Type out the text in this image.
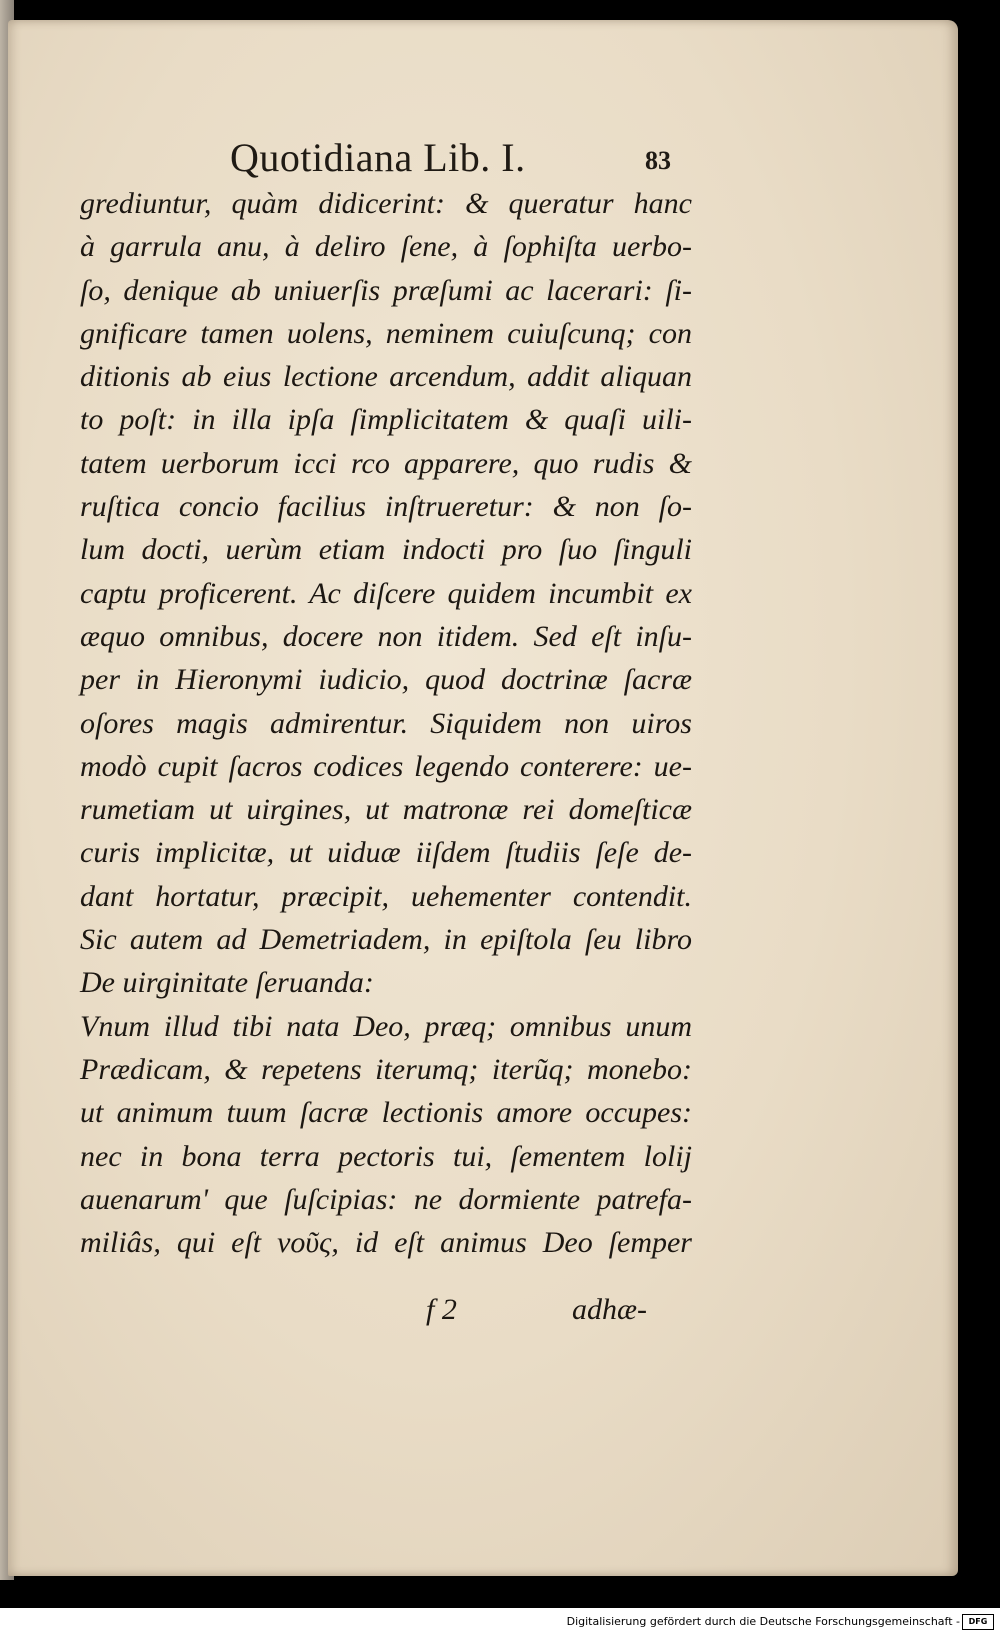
Quotidiana Lib. I.	83
grediuntur, quàm didicerint: & queratur hanc
à garrula anu, à deliro ſene, à ſophiſta uerbo-
ſo, denique ab uniuerſis præſumi ac lacerari: ſi-
gnificare tamen uolens, neminem cuiuſcunq; con
ditionis ab eius lectione arcendum, addit aliquan
to poſt: in illa ipſa ſimplicitatem & quaſi uili-
tatem uerborum icci rco apparere, quo rudis &
ruſtica concio facilius inſtrueretur: & non ſo-
lum docti, uerùm etiam indocti pro ſuo ſinguli
captu proficerent. Ac diſcere quidem incumbit ex
æquo omnibus, docere non itidem. Sed eſt inſu-
per in Hieronymi iudicio, quod doctrinæ ſacræ
oſores magis admirentur. Siquidem non uiros
modò cupit ſacros codices legendo conterere: ue-
rumetiam ut uirgines, ut matronæ rei domeſticæ
curis implicitæ, ut uiduæ iiſdem ſtudiis ſeſe de-
dant hortatur, præcipit, uehementer contendit.
Sic autem ad Demetriadem, in epiſtola ſeu libro
De uirginitate ſeruanda:
Vnum illud tibi nata Deo, præq; omnibus unum
Prædicam, & repetens iterumq; iterũq; monebo:
ut animum tuum ſacræ lectionis amore occupes:
nec in bona terra pectoris tui, ſementem lolij
auenarum' que ſuſcipias: ne dormiente patrefa-
miliâs, qui eſt νοῦς, id eſt animus Deo ſemper
f 2	adhæ-
Digitalisierung gefördert durch die Deutsche Forschungsgemeinschaft -	DFG
